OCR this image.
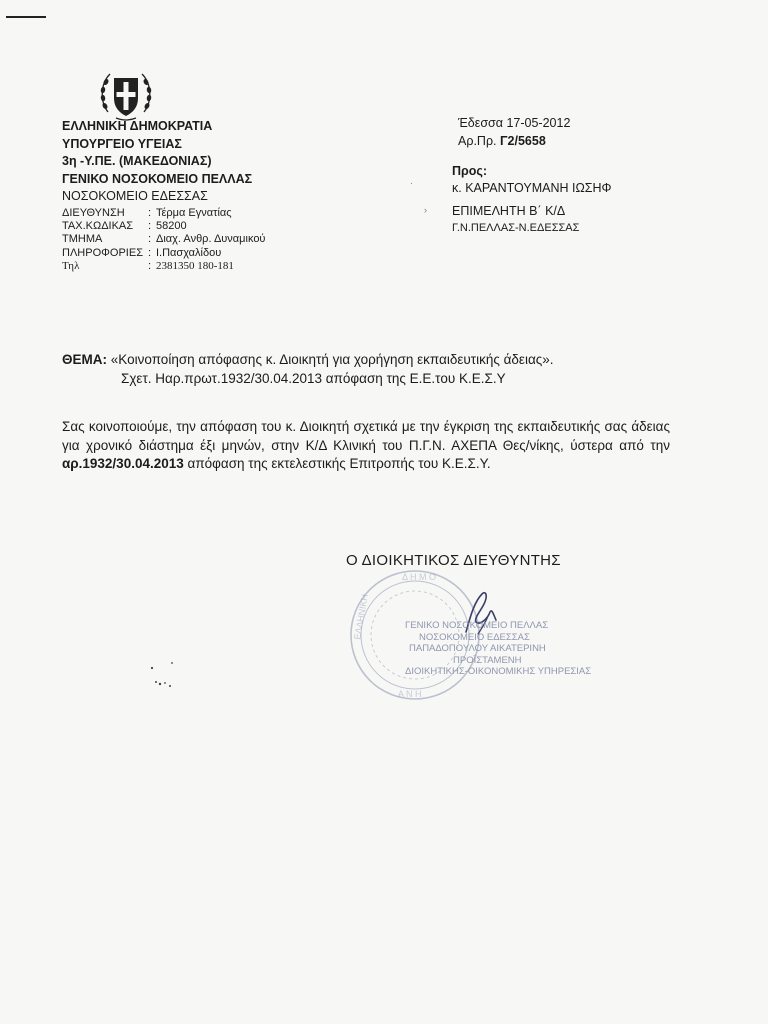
ΕΛΛΗΝΙΚΗ ΔΗΜΟΚΡΑΤΙΑ
ΥΠΟΥΡΓΕΙΟ ΥΓΕΙΑΣ
3η -Υ.ΠΕ. (ΜΑΚΕΔΟΝΙΑΣ)
ΓΕΝΙΚΟ ΝΟΣΟΚΟΜΕΙΟ ΠΕΛΛΑΣ
ΝΟΣΟΚΟΜΕΙΟ ΕΔΕΣΣΑΣ
ΔΙΕΥΘΥΝΣΗ	: Τέρμα Εγνατίας
ΤΑΧ.ΚΩΔΙΚΑΣ	: 58200
ΤΜΗΜΑ	: Διαχ. Ανθρ. Δυναμικού
ΠΛΗΡΟΦΟΡΙΕΣ : Ι.Πασχαλίδου
Τηλ	: 2381350 180-181
Έδεσσα 17-05-2012
Αρ.Πρ. Γ2/5658
·
›
Προς:
κ. ΚΑΡΑΝΤΟΥΜΑΝΗ ΙΩΣΗΦ
ΕΠΙΜΕΛΗΤΗ Β΄ Κ/Δ
Γ.Ν.ΠΕΛΛΑΣ-Ν.ΕΔΕΣΣΑΣ
ΘΕΜΑ: «Κοινοποίηση απόφασης κ. Διοικητή για χορήγηση εκπαιδευτικής άδειας».
Σχετ. Ηαρ.πρωτ.1932/30.04.2013 απόφαση της Ε.Ε.του Κ.Ε.Σ.Υ
Σας κοινοποιούμε, την απόφαση του κ. Διοικητή σχετικά με την έγκριση της εκπαιδευτικής σας άδειας για χρονικό διάστημα έξι μηνών, στην Κ/Δ Κλινική του Π.Γ.Ν. ΑΧΕΠΑ Θες/νίκης, ύστερα από την αρ.1932/30.04.2013 απόφαση της εκτελεστικής Επιτροπής του Κ.Ε.Σ.Υ.
Δ Η Μ Ο
ΕΛΛΗΝΙΚΗ
Α Ν Η
Ο ΔΙΟΙΚΗΤΙΚΟΣ ΔΙΕΥΘΥΝΤΗΣ
ΓΕΝΙΚΟ ΝΟΣΟΚΟΜΕΙΟ ΠΕΛΛΑΣ
ΝΟΣΟΚΟΜΕΙΟ ΕΔΕΣΣΑΣ
ΠΑΠΑΔΟΠΟΥΛΟΥ ΑΙΚΑΤΕΡΙΝΗ
ΠΡΟΪΣΤΑΜΕΝΗ
ΔΙΟΙΚΗΤΙΚΗΣ-ΟΙΚΟΝΟΜΙΚΗΣ ΥΠΗΡΕΣΙΑΣ
